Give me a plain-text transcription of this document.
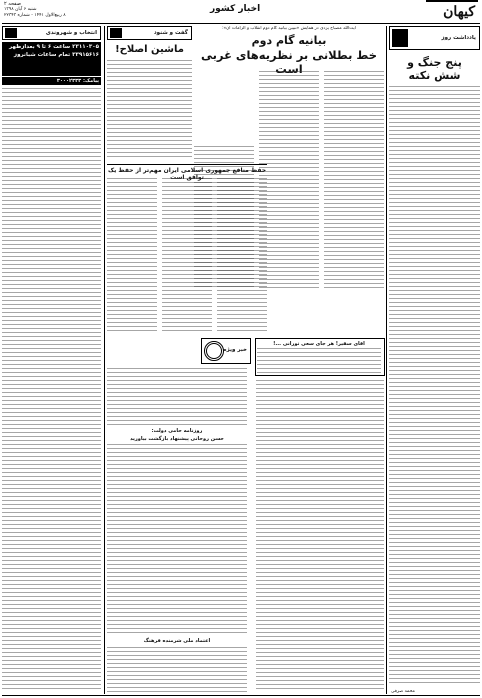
صفحه ۲
شنبه ۶ آبان ۱۳۹۸
۸ ربیع‌الاول ۱۴۴۱ - شماره ۲۲۳۴۳
اخبار کشور	کیهان
انتخاب و شهروندی
۲۳۱۱۰۳۰۵ ساعت ۶ تا ۹ بعدازظهر
۳۳۹۱۵۶۱۶ تمام ساعات شبانروز
پیامک: ۳۰۰۰۲۳۳۳
گفت و شنود
ماشین اصلاح!
آیت‌الله مصباح یزدی در همایش «تبیین بیانیه گام دوم انقلاب و الزامات آن»:
بیانیه گام دوم
خط بطلانی بر نظریه‌های غربی است
حفظ منافع جمهوری اسلامی ایران مهم‌تر از حفظ یک توافق است
خبر ویژه
آقای سفیر! هر جای سعی تورانی ...!
روزنامه حامی دولت:
حسن روحانی پیشنهاد بازگشت بیاورید
اعتماد ملی شرمنده فرهنگ
یادداشت روز
پنج جنگ و شش نکته
محمد صرفی
